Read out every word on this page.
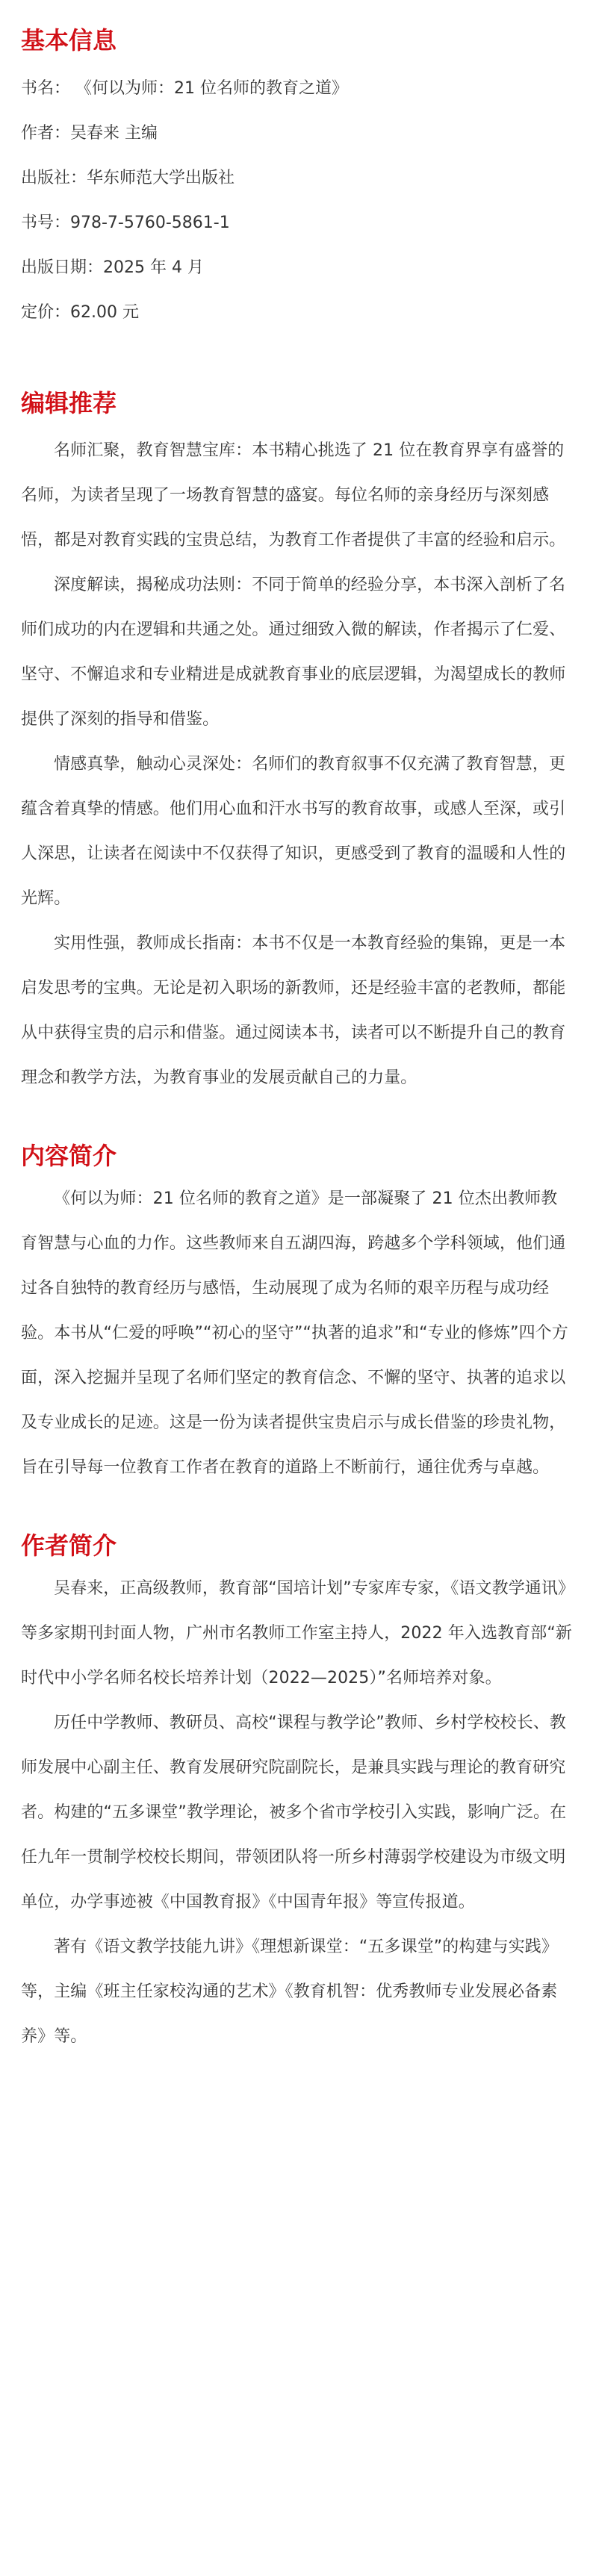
基本信息
书名： 《何以为师：21 位名师的教育之道》
作者：吴春来 主编
出版社：华东师范大学出版社
书号：978-7-5760-5861-1
出版日期：2025 年 4 月
定价：62.00 元
编辑推荐

名师汇聚，教育智慧宝库：本书精心挑选了 21 位在教育界享有盛誉的名师，为读者呈现了一场教育智慧的盛宴。每位名师的亲身经历与深刻感悟，都是对教育实践的宝贵总结，为教育工作者提供了丰富的经验和启示。

深度解读，揭秘成功法则：不同于简单的经验分享，本书深入剖析了名师们成功的内在逻辑和共通之处。通过细致入微的解读，作者揭示了仁爱、坚守、不懈追求和专业精进是成就教育事业的底层逻辑，为渴望成长的教师提供了深刻的指导和借鉴。

情感真挚，触动心灵深处：名师们的教育叙事不仅充满了教育智慧，更蕴含着真挚的情感。他们用心血和汗水书写的教育故事，或感人至深，或引人深思，让读者在阅读中不仅获得了知识，更感受到了教育的温暖和人性的光辉。

实用性强，教师成长指南：本书不仅是一本教育经验的集锦，更是一本启发思考的宝典。无论是初入职场的新教师，还是经验丰富的老教师，都能从中获得宝贵的启示和借鉴。通过阅读本书，读者可以不断提升自己的教育理念和教学方法，为教育事业的发展贡献自己的力量。

内容简介

《何以为师：21 位名师的教育之道》是一部凝聚了 21 位杰出教师教育智慧与心血的力作。这些教师来自五湖四海，跨越多个学科领域，他们通过各自独特的教育经历与感悟，生动展现了成为名师的艰辛历程与成功经验。本书从“仁爱的呼唤”“初心的坚守”“执著的追求”和“专业的修炼”四个方面，深入挖掘并呈现了名师们坚定的教育信念、不懈的坚守、执著的追求以及专业成长的足迹。这是一份为读者提供宝贵启示与成长借鉴的珍贵礼物，旨在引导每一位教育工作者在教育的道路上不断前行，通往优秀与卓越。

作者简介

吴春来，正高级教师，教育部“国培计划”专家库专家，《语文教学通讯》等多家期刊封面人物，广州市名教师工作室主持人，2022 年入选教育部“新时代中小学名师名校长培养计划（2022—2025）”名师培养对象。

历任中学教师、教研员、高校“课程与教学论”教师、乡村学校校长、教师发展中心副主任、教育发展研究院副院长，是兼具实践与理论的教育研究者。构建的“五多课堂”教学理论，被多个省市学校引入实践，影响广泛。在任九年一贯制学校校长期间，带领团队将一所乡村薄弱学校建设为市级文明单位，办学事迹被《中国教育报》《中国青年报》等宣传报道。

著有《语文教学技能九讲》《理想新课堂：“五多课堂”的构建与实践》等，主编《班主任家校沟通的艺术》《教育机智：优秀教师专业发展必备素养》等。
